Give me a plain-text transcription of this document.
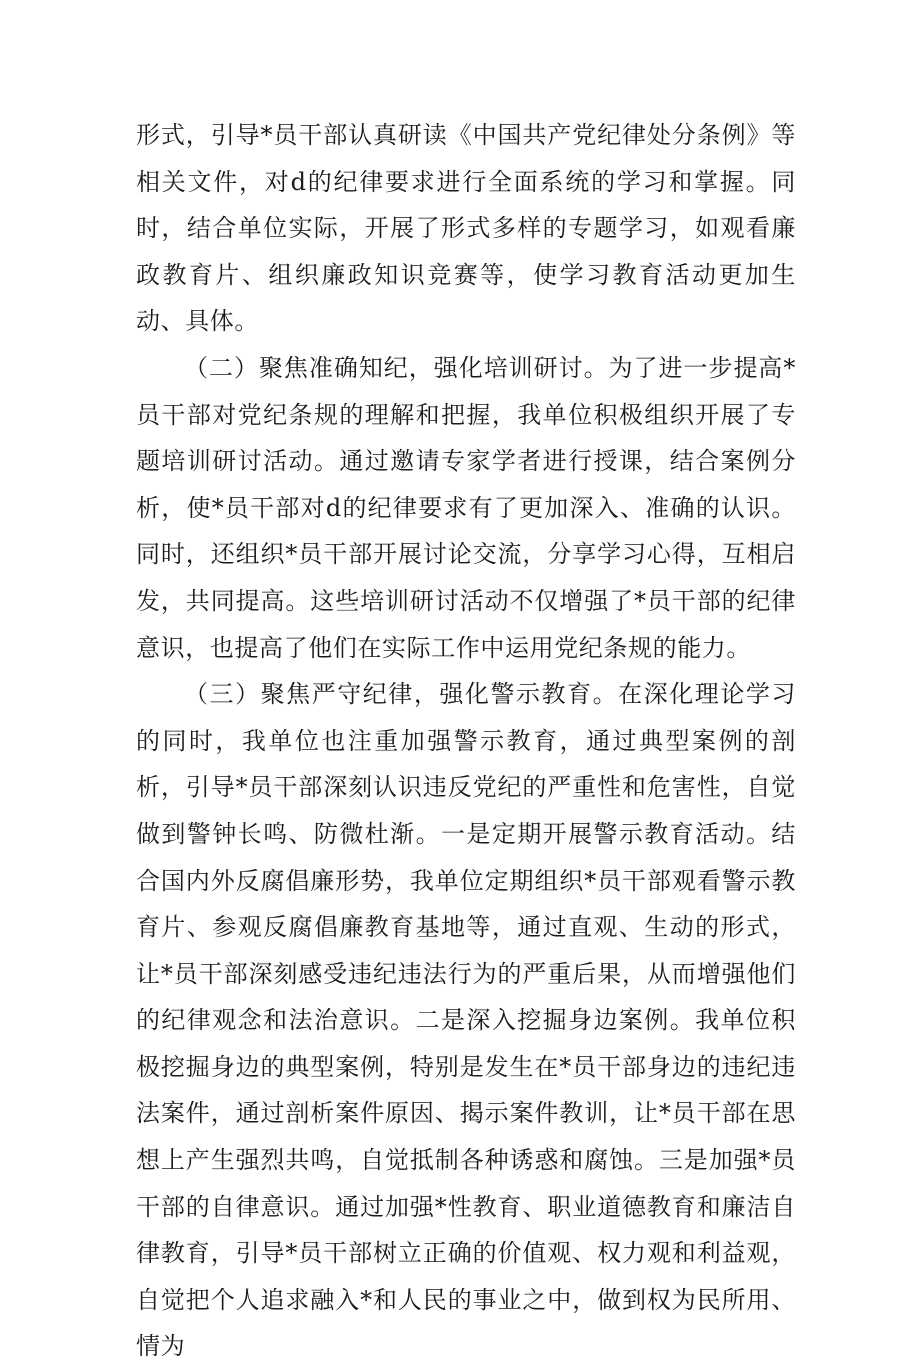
形式，引导*员干部认真研读《中国共产党纪律处分条例》等相关文件，对d的纪律要求进行全面系统的学习和掌握。同时，结合单位实际，开展了形式多样的专题学习，如观看廉政教育片、组织廉政知识竞赛等，使学习教育活动更加生动、具体。

（二）聚焦准确知纪，强化培训研讨。为了进一步提高*员干部对党纪条规的理解和把握，我单位积极组织开展了专题培训研讨活动。通过邀请专家学者进行授课，结合案例分析，使*员干部对d的纪律要求有了更加深入、准确的认识。同时，还组织*员干部开展讨论交流，分享学习心得，互相启发，共同提高。这些培训研讨活动不仅增强了*员干部的纪律意识，也提高了他们在实际工作中运用党纪条规的能力。

（三）聚焦严守纪律，强化警示教育。在深化理论学习的同时，我单位也注重加强警示教育，通过典型案例的剖析，引导*员干部深刻认识违反党纪的严重性和危害性，自觉做到警钟长鸣、防微杜渐。一是定期开展警示教育活动。结合国内外反腐倡廉形势，我单位定期组织*员干部观看警示教育片、参观反腐倡廉教育基地等，通过直观、生动的形式，让*员干部深刻感受违纪违法行为的严重后果，从而增强他们的纪律观念和法治意识。二是深入挖掘身边案例。我单位积极挖掘身边的典型案例，特别是发生在*员干部身边的违纪违法案件，通过剖析案件原因、揭示案件教训，让*员干部在思想上产生强烈共鸣，自觉抵制各种诱惑和腐蚀。三是加强*员干部的自律意识。通过加强*性教育、职业道德教育和廉洁自律教育，引导*员干部树立正确的价值观、权力观和利益观，自觉把个人追求融入*和人民的事业之中，做到权为民所用、情为
